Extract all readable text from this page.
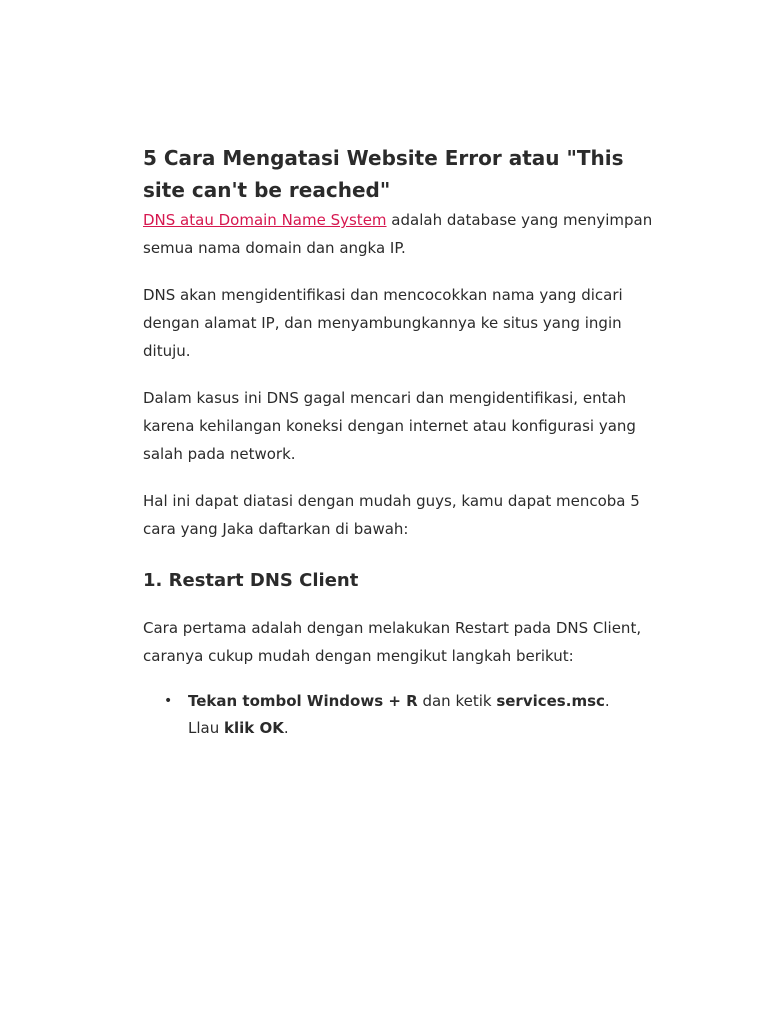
5 Cara Mengatasi Website Error atau "This site can't be reached"

DNS atau Domain Name System adalah database yang menyimpan semua nama domain dan angka IP.

DNS akan mengidentifikasi dan mencocokkan nama yang dicari dengan alamat IP, dan menyambungkannya ke situs yang ingin dituju.

Dalam kasus ini DNS gagal mencari dan mengidentifikasi, entah karena kehilangan koneksi dengan internet atau konfigurasi yang salah pada network.

Hal ini dapat diatasi dengan mudah guys, kamu dapat mencoba 5 cara yang Jaka daftarkan di bawah:

1. Restart DNS Client

Cara pertama adalah dengan melakukan Restart pada DNS Client, caranya cukup mudah dengan mengikut langkah berikut:

• Tekan tombol Windows + R dan ketik services.msc. Llau klik OK.
